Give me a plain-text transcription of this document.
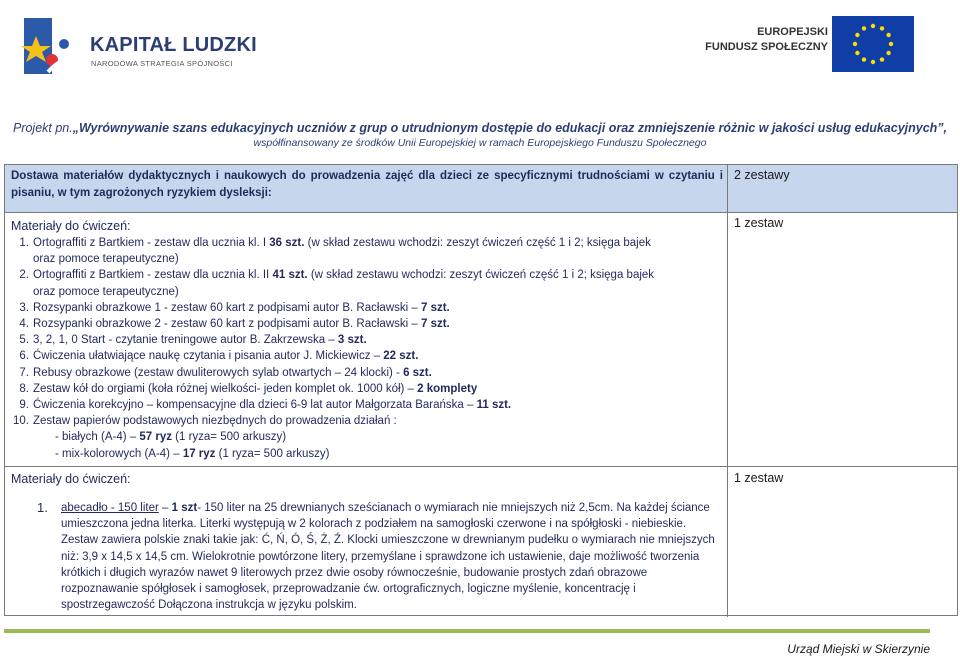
KAPITAŁ LUDZKI
NARODOWA STRATEGIA SPÓJNOŚCI
EUROPEJSKI
FUNDUSZ SPOŁECZNY
Projekt pn.„Wyrównywanie szans edukacyjnych uczniów z grup o utrudnionym dostępie do edukacji oraz zmniejszenie różnic w jakości usług edukacyjnych”,
współfinansowany ze środków Unii Europejskiej w ramach Europejskiego Funduszu Społecznego
Dostawa materiałów dydaktycznych i naukowych do prowadzenia zajęć dla dzieci ze specyficznymi trudnościami w czytaniu i pisaniu, w tym zagrożonych ryzykiem dysleksji:
2 zestawy
Materiały do ćwiczeń:
1. Ortograffiti z Bartkiem - zestaw dla ucznia kl. I 36 szt. (w skład zestawu wchodzi: zeszyt ćwiczeń część 1 i 2; księga bajek
oraz pomoce terapeutyczne)
2. Ortograffiti z Bartkiem - zestaw dla ucznia kl. II 41 szt. (w skład zestawu wchodzi: zeszyt ćwiczeń część 1 i 2; księga bajek
oraz pomoce terapeutyczne)
3. Rozsypanki obrazkowe 1 - zestaw 60 kart z podpisami autor B. Racławski – 7 szt.
4. Rozsypanki obrazkowe 2 - zestaw 60 kart z podpisami autor B. Racławski – 7 szt.
5. 3, 2, 1, 0 Start - czytanie treningowe autor B. Zakrzewska – 3 szt.
6. Ćwiczenia ułatwiające naukę czytania i pisania autor J. Mickiewicz – 22 szt.
7. Rebusy obrazkowe (zestaw dwuliterowych sylab otwartych – 24 klocki) - 6 szt.
8. Zestaw kół do orgiami (koła różnej wielkości- jeden komplet ok. 1000 kół) – 2 komplety
9. Ćwiczenia korekcyjno – kompensacyjne dla dzieci 6-9 lat autor Małgorzata Barańska – 11 szt.
10. Zestaw papierów podstawowych niezbędnych do prowadzenia działań :
- białych (A-4) – 57 ryz (1 ryza= 500 arkuszy)
- mix-kolorowych (A-4) – 17 ryz (1 ryza= 500 arkuszy)
1 zestaw
Materiały do ćwiczeń:
1. abecadło - 150 liter – 1 szt- 150 liter na 25 drewnianych sześcianach o wymiarach nie mniejszych niż 2,5cm. Na każdej ściance umieszczona jedna literka. Literki występują w 2 kolorach z podziałem na samogłoski czerwone i na spółgłoski - niebieskie. Zestaw zawiera polskie znaki takie jak: Ć, Ń, Ó, Ś, Ż, Ź. Klocki umieszczone w drewnianym pudełku o wymiarach nie mniejszych niż: 3,9 x 14,5 x 14,5 cm. Wielokrotnie powtórzone litery, przemyślane i sprawdzone ich ustawienie, daje możliwość tworzenia krótkich i długich wyrazów nawet 9 literowych przez dwie osoby równocześnie, budowanie prostych zdań obrazowe rozpoznawanie spółgłosek i samogłosek, przeprowadzanie ćw. ortograficznych, logiczne myślenie, koncentrację i spostrzegawczość Dołączona instrukcja w języku polskim.
1 zestaw
Urząd Miejski w Skierzynie
